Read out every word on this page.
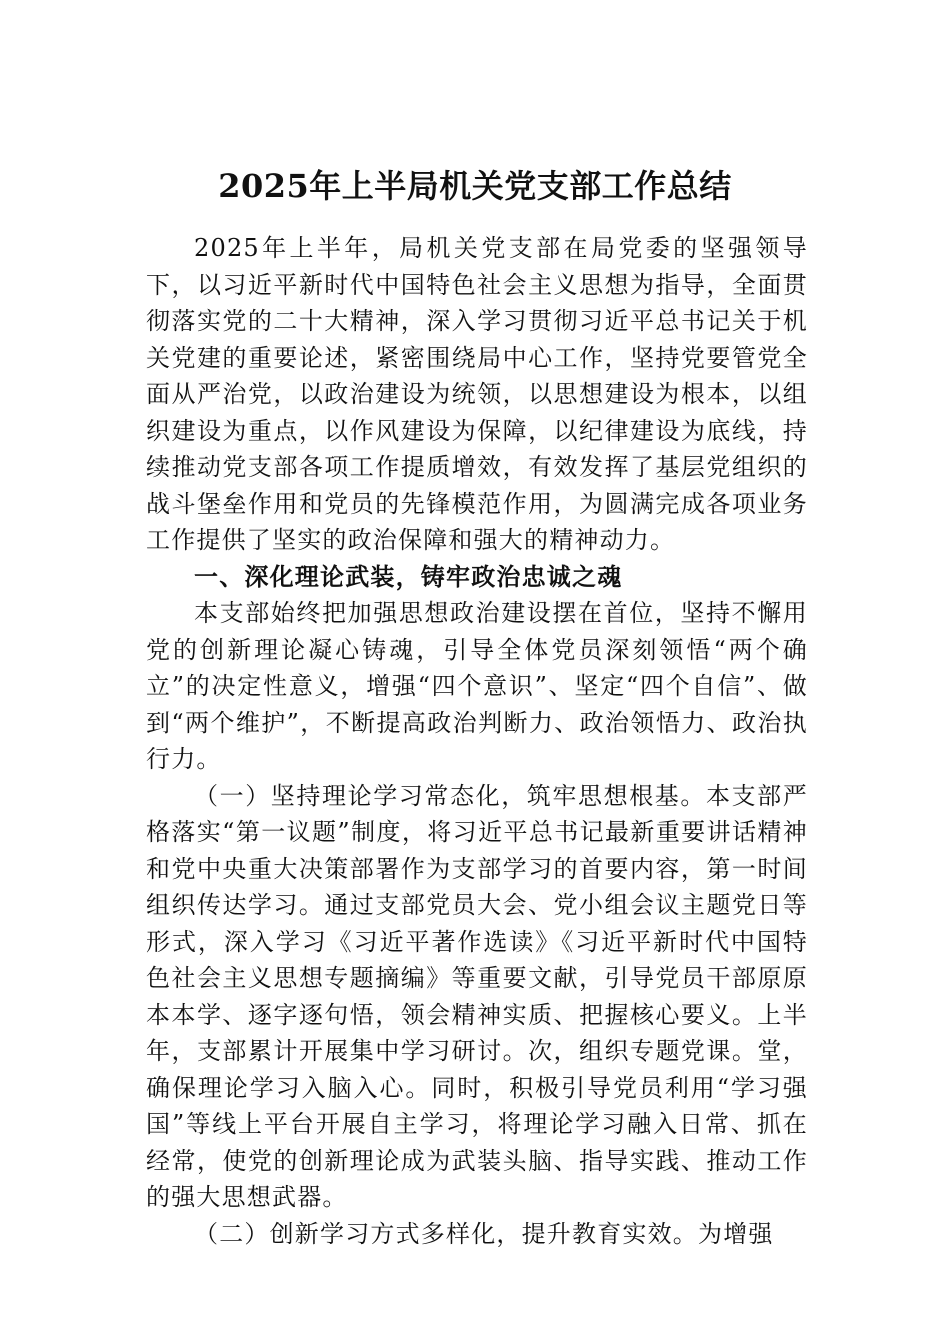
2025年上半局机关党支部工作总结

2025年上半年，局机关党支部在局党委的坚强领导下，以习近平新时代中国特色社会主义思想为指导，全面贯彻落实党的二十大精神，深入学习贯彻习近平总书记关于机关党建的重要论述，紧密围绕局中心工作，坚持党要管党全面从严治党，以政治建设为统领，以思想建设为根本，以组织建设为重点，以作风建设为保障，以纪律建设为底线，持续推动党支部各项工作提质增效，有效发挥了基层党组织的战斗堡垒作用和党员的先锋模范作用，为圆满完成各项业务工作提供了坚实的政治保障和强大的精神动力。

一、深化理论武装，铸牢政治忠诚之魂

本支部始终把加强思想政治建设摆在首位，坚持不懈用党的创新理论凝心铸魂，引导全体党员深刻领悟“两个确立”的决定性意义，增强“四个意识”、坚定“四个自信”、做到“两个维护”，不断提高政治判断力、政治领悟力、政治执行力。

（一）坚持理论学习常态化，筑牢思想根基。本支部严格落实“第一议题”制度，将习近平总书记最新重要讲话精神和党中央重大决策部署作为支部学习的首要内容，第一时间组织传达学习。通过支部党员大会、党小组会议主题党日等形式，深入学习《习近平著作选读》《习近平新时代中国特色社会主义思想专题摘编》等重要文献，引导党员干部原原本本学、逐字逐句悟，领会精神实质、把握核心要义。上半年，支部累计开展集中学习研讨。次，组织专题党课。堂，确保理论学习入脑入心。同时，积极引导党员利用“学习强国”等线上平台开展自主学习，将理论学习融入日常、抓在经常，使党的创新理论成为武装头脑、指导实践、推动工作的强大思想武器。

（二）创新学习方式多样化，提升教育实效。为增强
